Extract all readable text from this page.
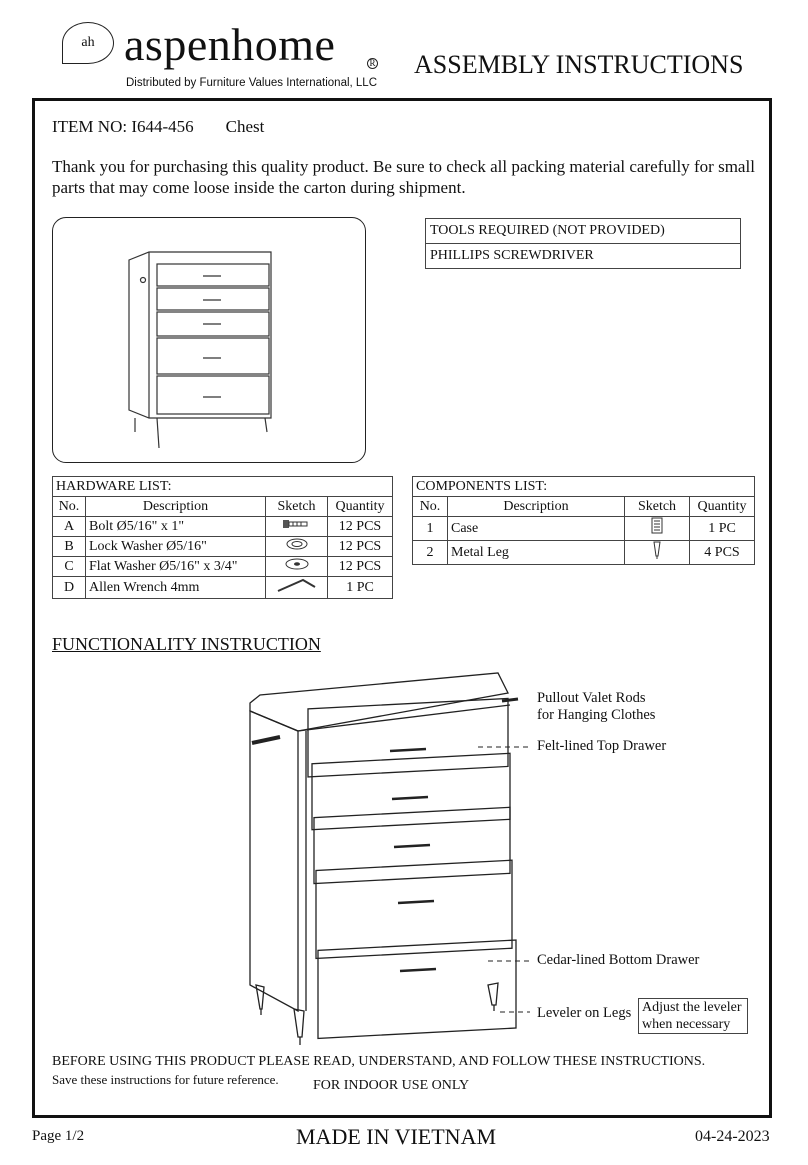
ah aspenhome	R
Distributed by Furniture Values International, LLC
ASSEMBLY INSTRUCTIONS
ITEM NO: I644-456 Chest
Thank you for purchasing this quality product. Be sure to check all packing material carefully for small parts that may come loose inside the carton during shipment.
TOOLS REQUIRED (NOT PROVIDED)
PHILLIPS SCREWDRIVER
HARDWARE LIST:			
No.	Description	Sketch	Quantity
A	Bolt Ø5/16" x 1"		12 PCS
B	Lock Washer Ø5/16"		12 PCS
C	Flat Washer Ø5/16" x 3/4"		12 PCS
D	Allen Wrench 4mm		1 PC
COMPONENTS LIST:			
No.	Description	Sketch	Quantity
1	Case		1 PC
2	Metal Leg		4 PCS
FUNCTIONALITY INSTRUCTION
Pullout Valet Rods
for Hanging Clothes
Felt-lined Top Drawer
Cedar-lined Bottom Drawer
Leveler on Legs Adjust the leveler
when necessary
BEFORE USING THIS PRODUCT PLEASE READ, UNDERSTAND, AND FOLLOW THESE INSTRUCTIONS.
Save these instructions for future reference. FOR INDOOR USE ONLY
Page 1/2	MADE IN VIETNAM	04-24-2023
